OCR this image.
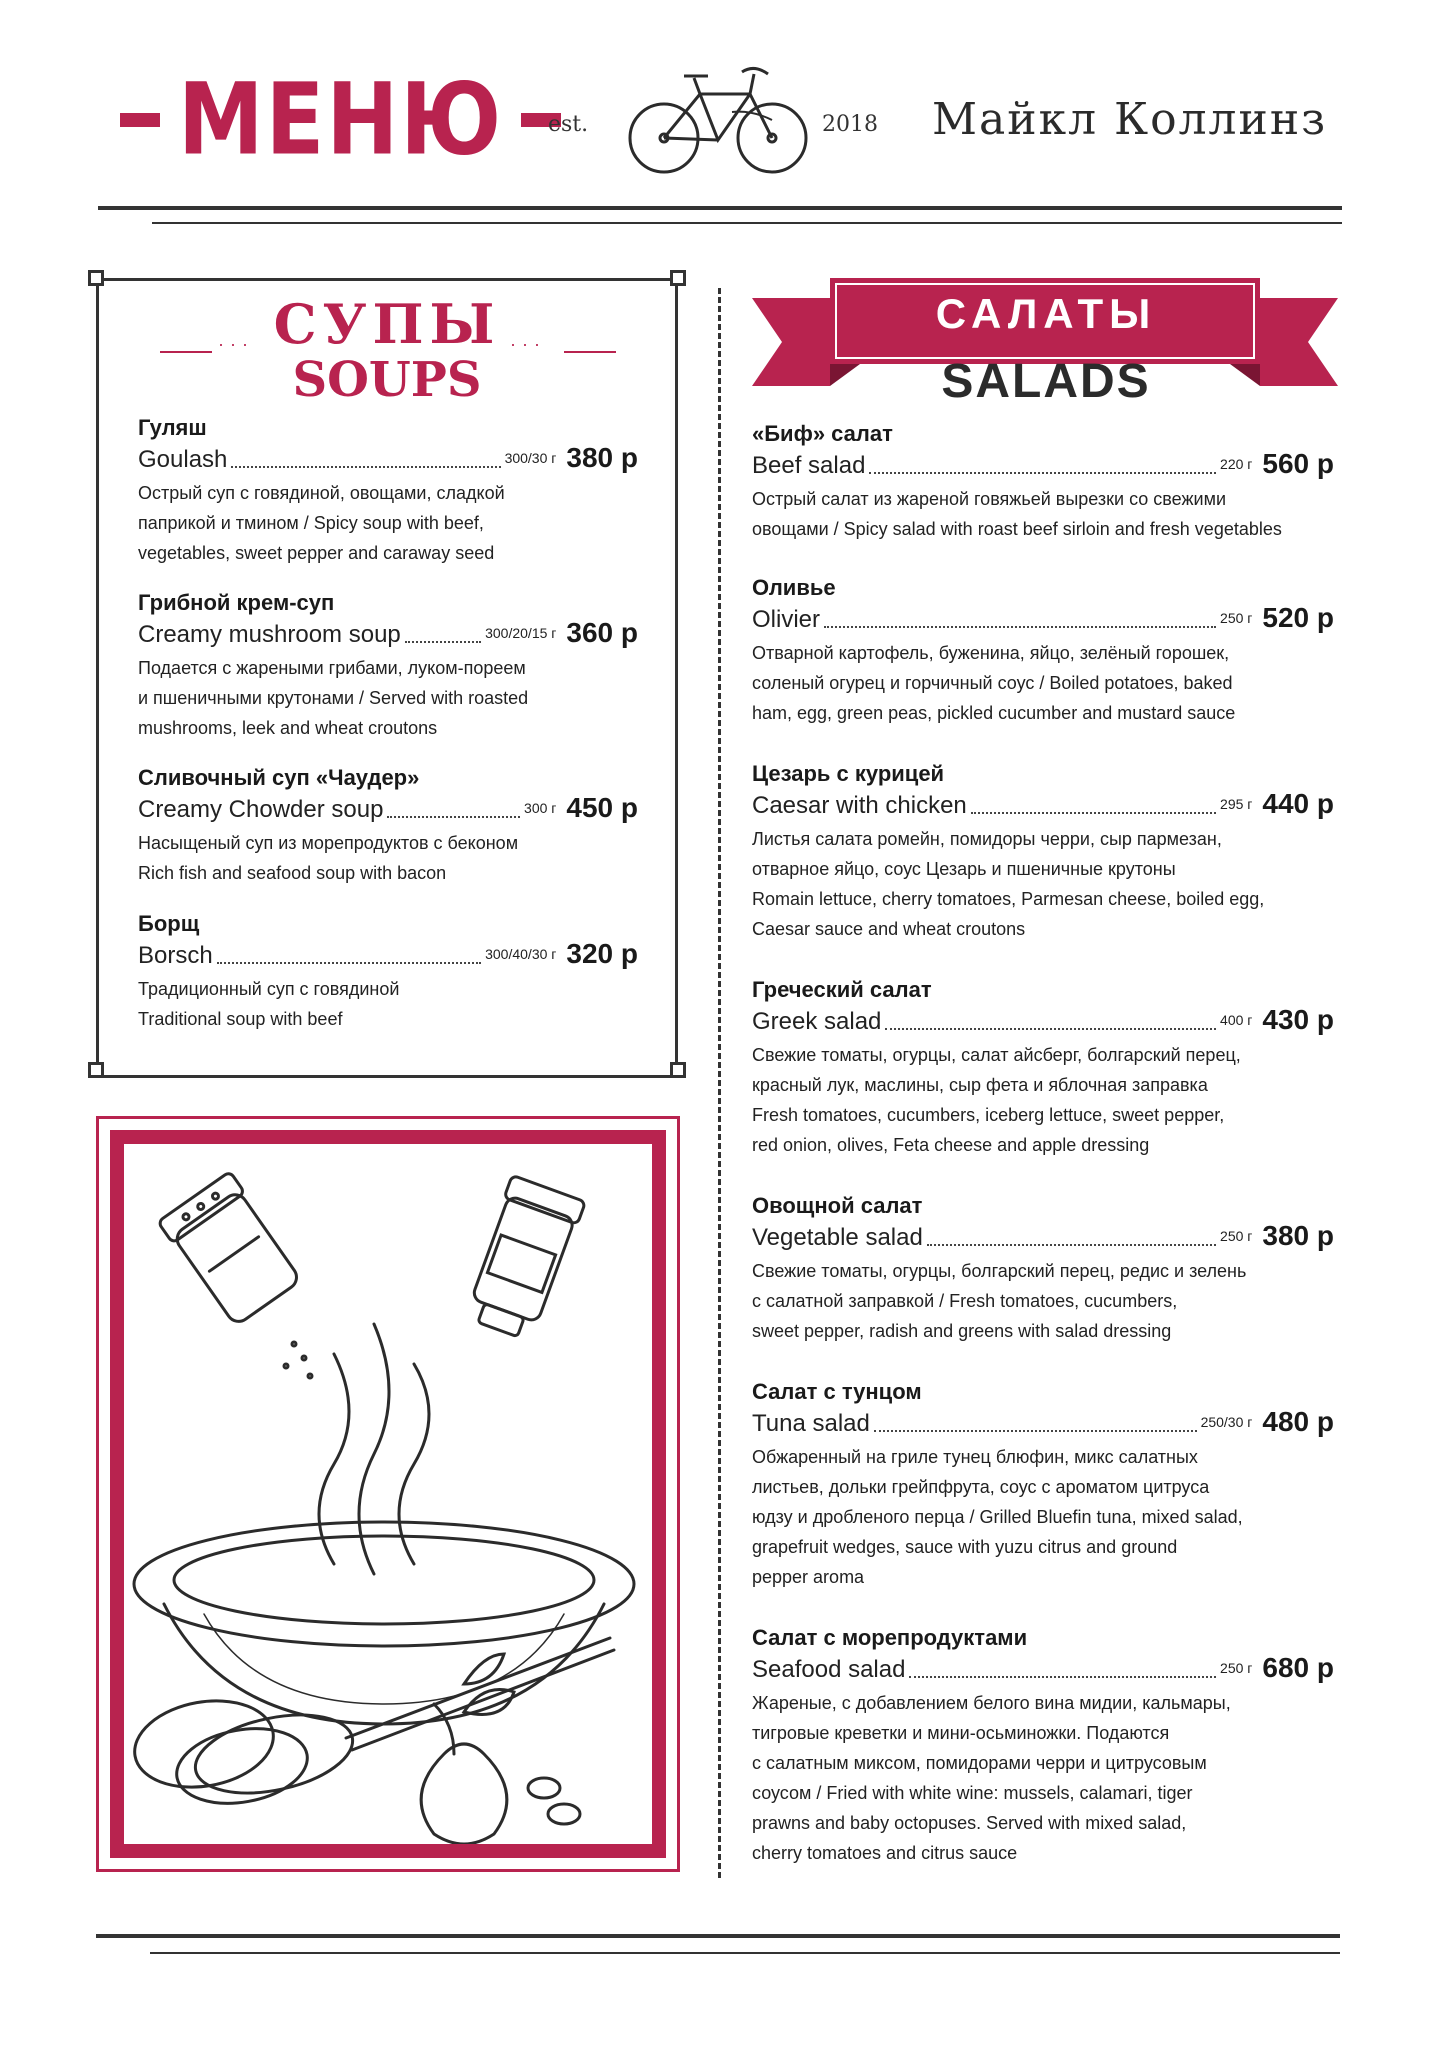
МЕНЮ est.	2018 Майкл Коллинз
СУПЫ
SOUPS
···	···
Гуляш
Goulash	300/30 г 380 р
Острый суп с говядиной, овощами, сладкой
паприкой и тмином / Spicy soup with beef,
vegetables, sweet pepper and caraway seed
Грибной крем-суп
Creamy mushroom soup	300/20/15 г 360 р
Подается с жареными грибами, луком-пореем
и пшеничными крутонами / Served with roasted
mushrooms, leek and wheat croutons
Сливочный суп «Чаудер»
Creamy Chowder soup	300 г 450 р
Насыщеный суп из морепродуктов с беконом
Rich fish and seafood soup with bacon
Борщ
Borsch	300/40/30 г 320 р
Традиционный суп с говядиной
Traditional soup with beef
САЛАТЫ
SALADS
«Биф» салат
Beef salad	220 г 560 р
Острый салат из жареной говяжьей вырезки со свежими
овощами / Spicy salad with roast beef sirloin and fresh vegetables
Оливье
Olivier	250 г 520 р
Отварной картофель, буженина, яйцо, зелёный горошек,
соленый огурец и горчичный соус / Boiled potatoes, baked
ham, egg, green peas, pickled cucumber and mustard sauce
Цезарь с курицей
Caesar with chicken	295 г 440 р
Листья салата ромейн, помидоры черри, сыр пармезан,
отварное яйцо, соус Цезарь и пшеничные крутоны
Romain lettuce, cherry tomatoes, Parmesan cheese, boiled egg,
Caesar sauce and wheat croutons
Греческий салат
Greek salad	400 г 430 р
Свежие томаты, огурцы, салат айсберг, болгарский перец,
красный лук, маслины, сыр фета и яблочная заправка
Fresh tomatoes, cucumbers, iceberg lettuce, sweet pepper,
red onion, olives, Feta cheese and apple dressing
Овощной салат
Vegetable salad	250 г 380 р
Свежие томаты, огурцы, болгарский перец, редис и зелень
с салатной заправкой / Fresh tomatoes, cucumbers,
sweet pepper, radish and greens with salad dressing
Салат с тунцом
Tuna salad	250/30 г 480 р
Обжаренный на гриле тунец блюфин, микс салатных
листьев, дольки грейпфрута, соус с ароматом цитруса
юдзу и дробленого перца / Grilled Bluefin tuna, mixed salad,
grapefruit wedges, sauce with yuzu citrus and ground
pepper aroma
Салат с морепродуктами
Seafood salad	250 г 680 р
Жареные, с добавлением белого вина мидии, кальмары,
тигровые креветки и мини-осьминожки. Подаются
с салатным миксом, помидорами черри и цитрусовым
соусом / Fried with white wine: mussels, calamari, tiger
prawns and baby octopuses. Served with mixed salad,
cherry tomatoes and citrus sauce
